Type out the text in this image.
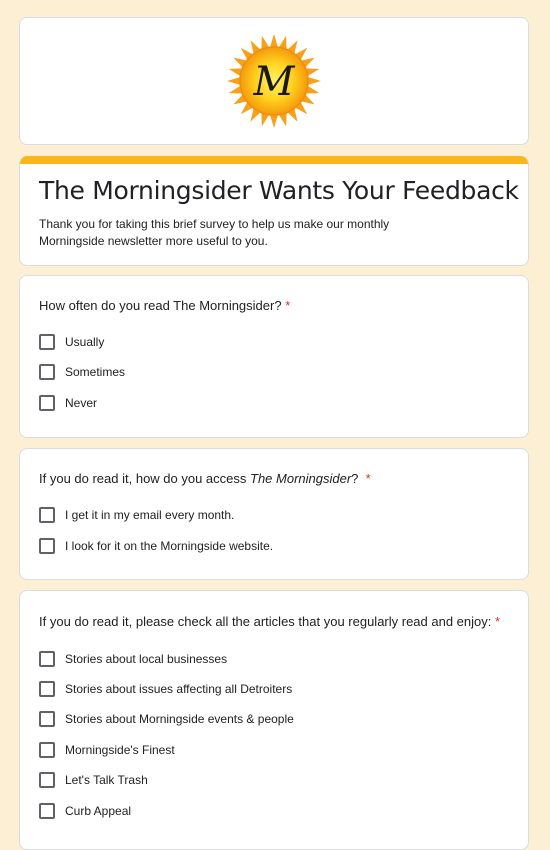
M
The Morningsider Wants Your Feedback
Thank you for taking this brief survey to help us make our monthly Morningside newsletter more useful to you.
How often do you read The Morningsider? *
Usually
Sometimes
Never
If you do read it, how do you access The Morningsider? *
I get it in my email every month.
I look for it on the Morningside website.
If you do read it, please check all the articles that you regularly read and enjoy: *
Stories about local businesses
Stories about issues affecting all Detroiters
Stories about Morningside events & people
Morningside's Finest
Let's Talk Trash
Curb Appeal
